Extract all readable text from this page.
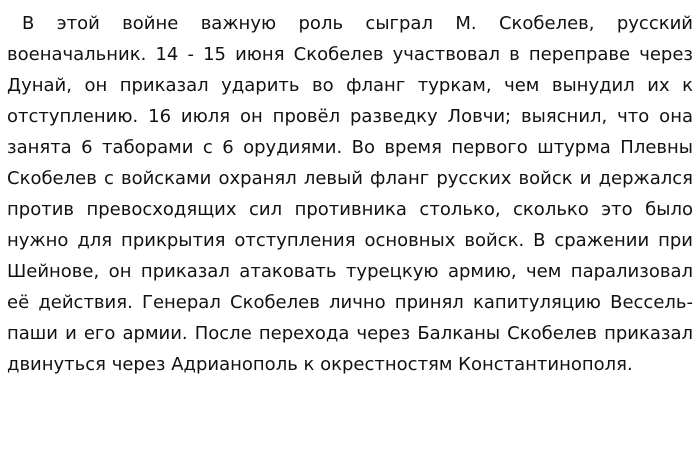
В этой войне важную роль сыграл М. Скобелев, русский военачальник. 14 - 15 июня Скобелев участвовал в переправе через Дунай, он приказал ударить во фланг туркам, чем вынудил их к отступлению. 16 июля он провёл разведку Ловчи; выяснил, что она занята 6 таборами с 6 орудиями. Во время первого штурма Плевны Скобелев с войсками охранял левый фланг русских войск и держался против превосходящих сил противника столько, сколько это было нужно для прикрытия отступления основных войск. В сражении при Шейнове, он приказал атаковать турецкую армию, чем парализовал её действия. Генерал Скобелев лично принял капитуляцию Вессель-паши и его армии. После перехода через Балканы Скобелев приказал двинуться через Адрианополь к окрестностям Константинополя.
